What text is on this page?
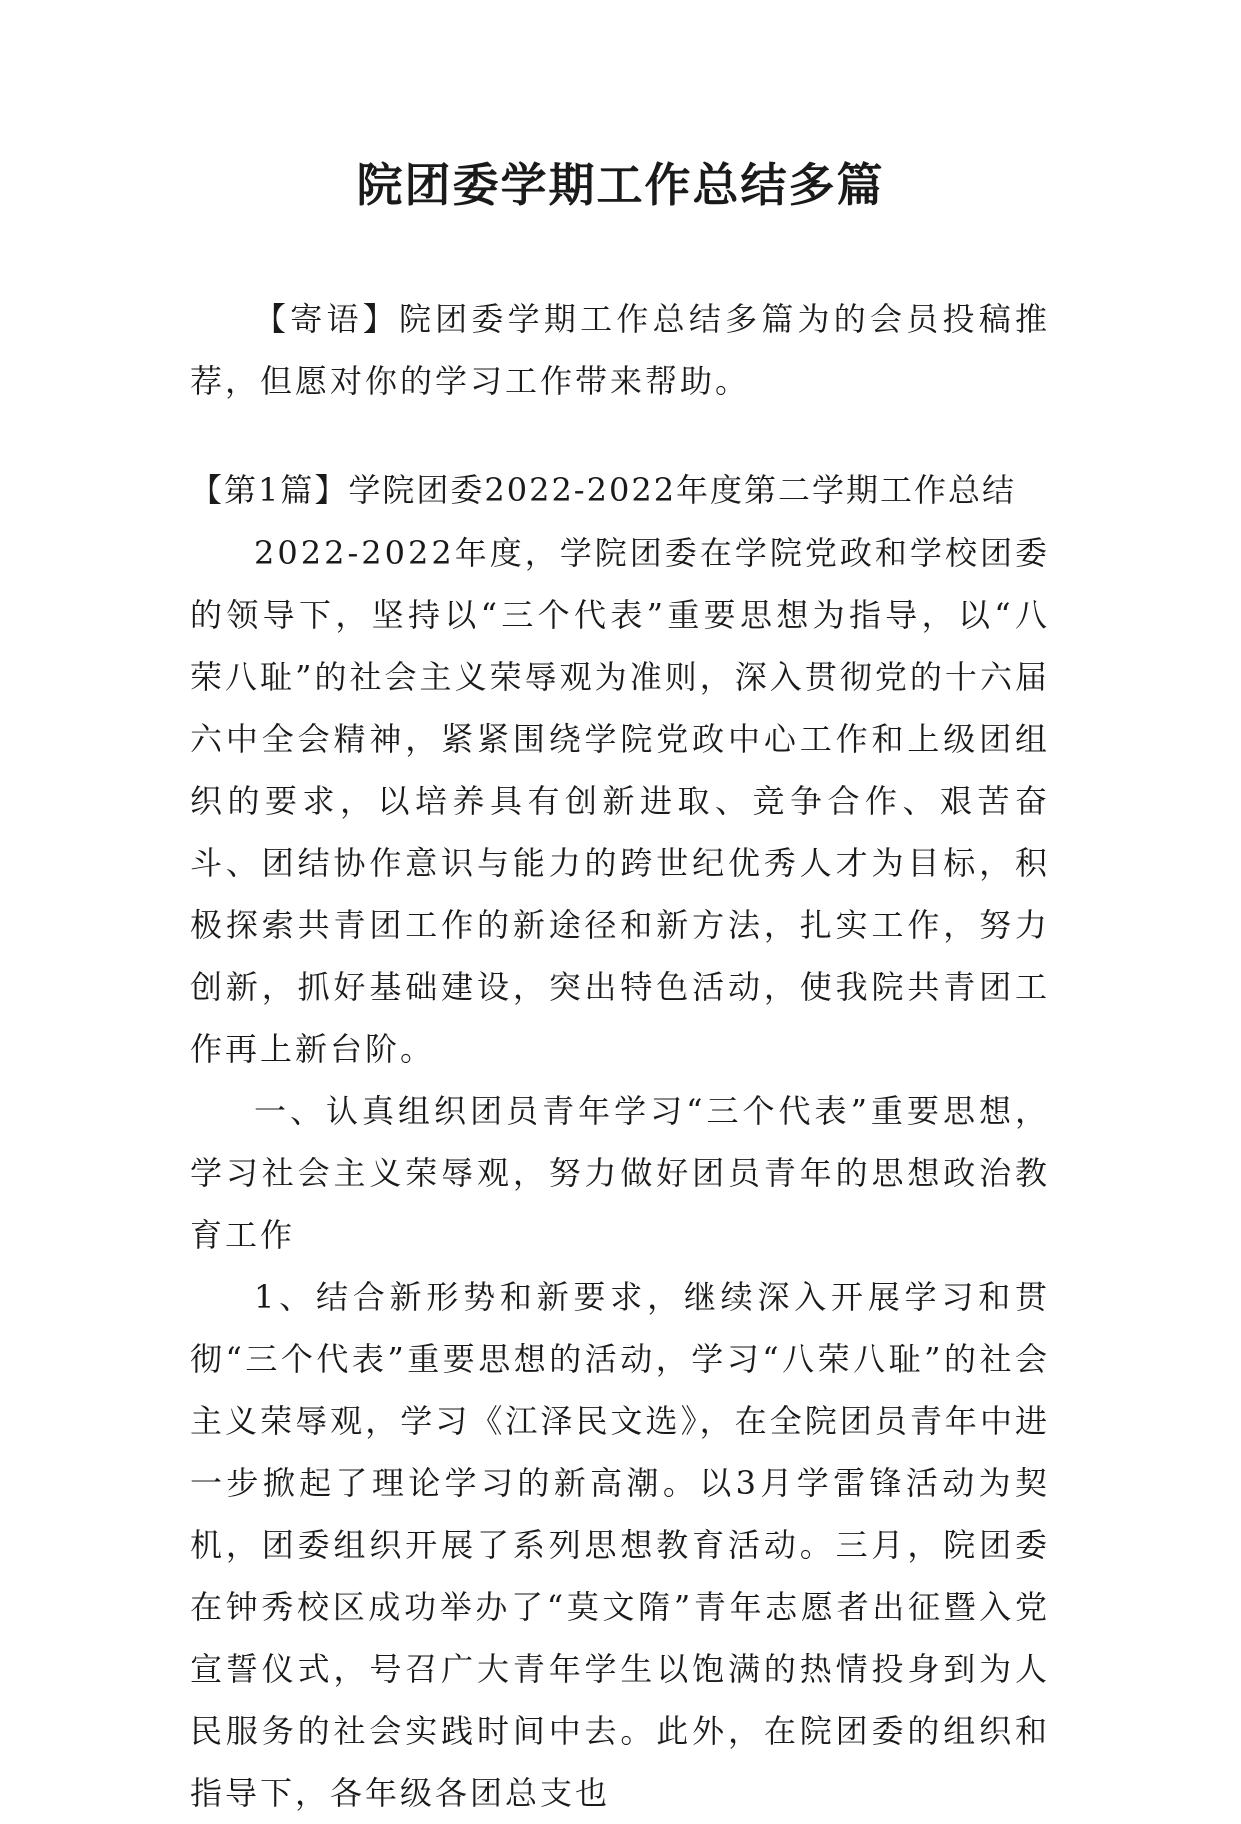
院团委学期工作总结多篇

【寄语】院团委学期工作总结多篇为的会员投稿推荐，但愿对你的学习工作带来帮助。

【第1篇】学院团委2022-2022年度第二学期工作总结

2022-2022年度，学院团委在学院党政和学校团委的领导下，坚持以“三个代表”重要思想为指导，以“八荣八耻”的社会主义荣辱观为准则，深入贯彻党的十六届六中全会精神，紧紧围绕学院党政中心工作和上级团组织的要求，以培养具有创新进取、竞争合作、艰苦奋斗、团结协作意识与能力的跨世纪优秀人才为目标，积极探索共青团工作的新途径和新方法，扎实工作，努力创新，抓好基础建设，突出特色活动，使我院共青团工作再上新台阶。

一、认真组织团员青年学习“三个代表”重要思想，学习社会主义荣辱观，努力做好团员青年的思想政治教育工作

1、结合新形势和新要求，继续深入开展学习和贯彻“三个代表”重要思想的活动，学习“八荣八耻”的社会主义荣辱观，学习《江泽民文选》，在全院团员青年中进一步掀起了理论学习的新高潮。以3月学雷锋活动为契机，团委组织开展了系列思想教育活动。三月，院团委在钟秀校区成功举办了“莫文隋”青年志愿者出征暨入党宣誓仪式，号召广大青年学生以饱满的热情投身到为人民服务的社会实践时间中去。此外，在院团委的组织和指导下，各年级各团总支也
